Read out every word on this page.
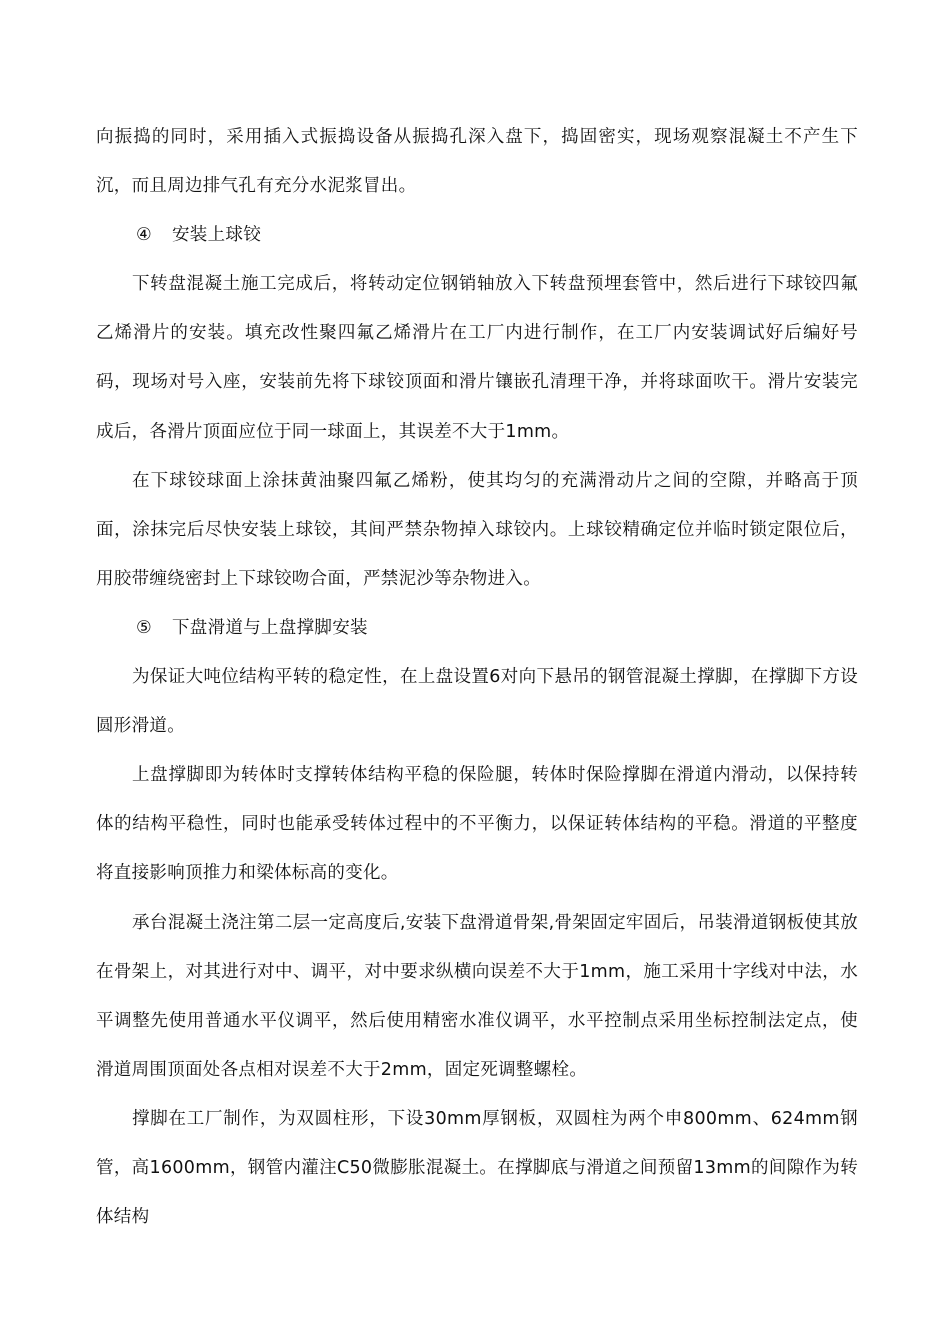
向振捣的同时，采用插入式振捣设备从振捣孔深入盘下，捣固密实，现场观察混凝土不产生下沉，而且周边排气孔有充分水泥浆冒出。

④ 安装上球铰

下转盘混凝土施工完成后，将转动定位钢销轴放入下转盘预埋套管中，然后进行下球铰四氟乙烯滑片的安装。填充改性聚四氟乙烯滑片在工厂内进行制作，在工厂内安装调试好后编好号码，现场对号入座，安装前先将下球铰顶面和滑片镶嵌孔清理干净，并将球面吹干。滑片安装完成后，各滑片顶面应位于同一球面上，其误差不大于1mm。

在下球铰球面上涂抹黄油聚四氟乙烯粉，使其均匀的充满滑动片之间的空隙，并略高于顶面，涂抹完后尽快安装上球铰，其间严禁杂物掉入球铰内。上球铰精确定位并临时锁定限位后，用胶带缠绕密封上下球铰吻合面，严禁泥沙等杂物进入。

⑤ 下盘滑道与上盘撑脚安装

为保证大吨位结构平转的稳定性，在上盘设置6对向下悬吊的钢管混凝土撑脚，在撑脚下方设圆形滑道。

上盘撑脚即为转体时支撑转体结构平稳的保险腿，转体时保险撑脚在滑道内滑动，以保持转体的结构平稳性，同时也能承受转体过程中的不平衡力，以保证转体结构的平稳。滑道的平整度将直接影响顶推力和梁体标高的变化。

承台混凝土浇注第二层一定高度后,安装下盘滑道骨架,骨架固定牢固后，吊装滑道钢板使其放在骨架上，对其进行对中、调平，对中要求纵横向误差不大于1mm，施工采用十字线对中法，水平调整先使用普通水平仪调平，然后使用精密水准仪调平，水平控制点采用坐标控制法定点，使滑道周围顶面处各点相对误差不大于2mm，固定死调整螺栓。

撑脚在工厂制作，为双圆柱形，下设30mm厚钢板，双圆柱为两个申800mm、624mm钢管，高1600mm，钢管内灌注C50微膨胀混凝土。在撑脚底与滑道之间预留13mm的间隙作为转体结构
